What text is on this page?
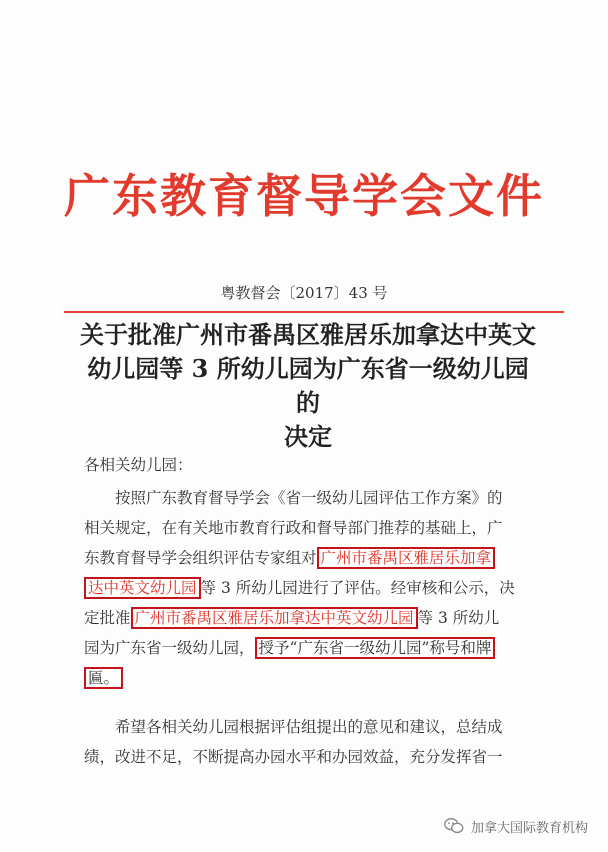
广东教育督导学会文件
粤教督会〔2017〕43 号
关于批准广州市番禺区雅居乐加拿达中英文
幼儿园等 3 所幼儿园为广东省一级幼儿园的
决定
各相关幼儿园：

按照广东教育督导学会《省一级幼儿园评估工作方案》的

相关规定，在有关地市教育行政和督导部门推荐的基础上，广

东教育督导学会组织评估专家组对 广州市番禺区雅居乐加拿

达中英文幼儿园 等 3 所幼儿园进行了评估。经审核和公示，决

定批准 广州市番禺区雅居乐加拿达中英文幼儿园 等 3 所幼儿

园为广东省一级幼儿园， 授予“广东省一级幼儿园”称号和牌

匾。

希望各相关幼儿园根据评估组提出的意见和建议，总结成

绩，改进不足，不断提高办园水平和办园效益，充分发挥省一

加拿大国际教育机构
